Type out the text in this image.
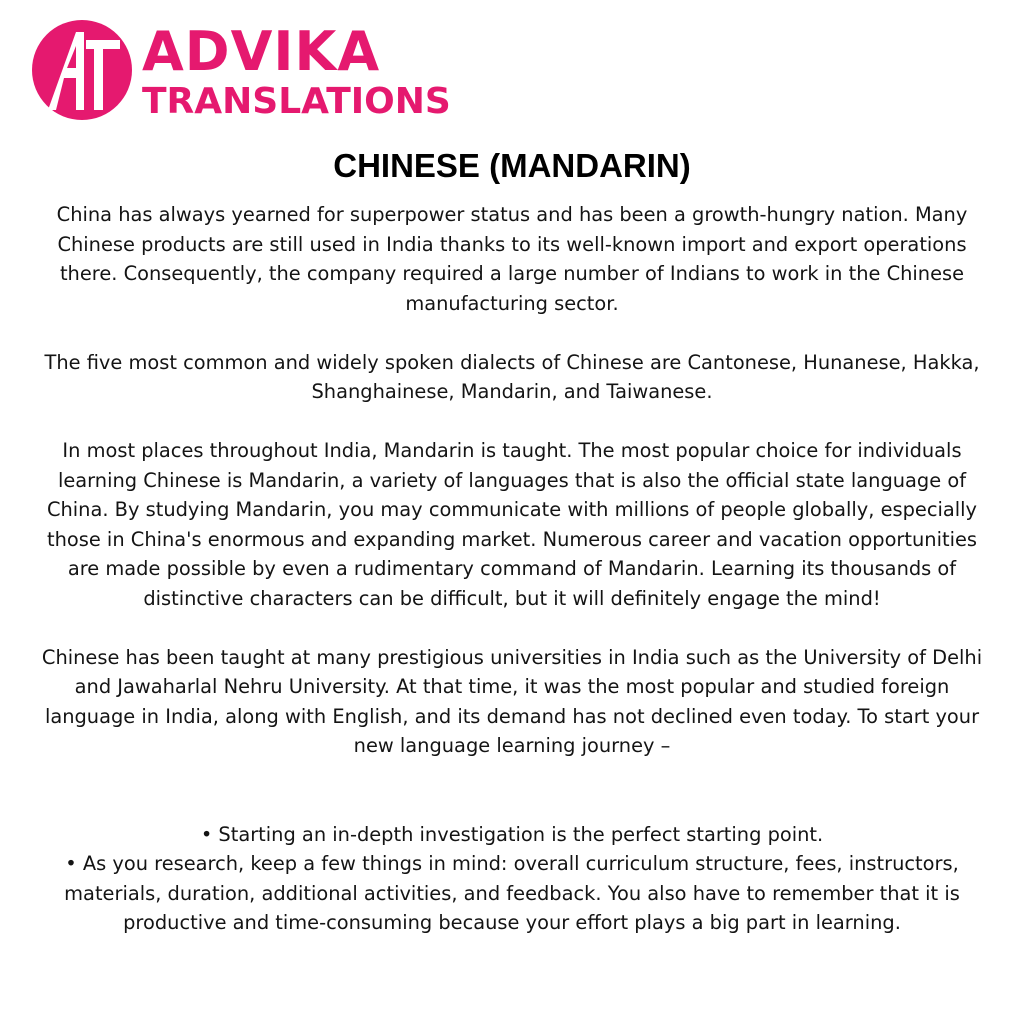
ADVIKA
TRANSLATIONS
CHINESE (MANDARIN)

China has always yearned for superpower status and has been a growth-hungry nation. Many Chinese products are still used in India thanks to its well-known import and export operations there. Consequently, the company required a large number of Indians to work in the Chinese manufacturing sector.

The five most common and widely spoken dialects of Chinese are Cantonese, Hunanese, Hakka, Shanghainese, Mandarin, and Taiwanese.

In most places throughout India, Mandarin is taught. The most popular choice for individuals learning Chinese is Mandarin, a variety of languages that is also the official state language of China. By studying Mandarin, you may communicate with millions of people globally, especially those in China's enormous and expanding market. Numerous career and vacation opportunities are made possible by even a rudimentary command of Mandarin. Learning its thousands of distinctive characters can be difficult, but it will definitely engage the mind!

Chinese has been taught at many prestigious universities in India such as the University of Delhi and Jawaharlal Nehru University. At that time, it was the most popular and studied foreign language in India, along with English, and its demand has not declined even today. To start your new language learning journey –

• Starting an in-depth investigation is the perfect starting point.
• As you research, keep a few things in mind: overall curriculum structure, fees, instructors, materials, duration, additional activities, and feedback. You also have to remember that it is productive and time-consuming because your effort plays a big part in learning.
